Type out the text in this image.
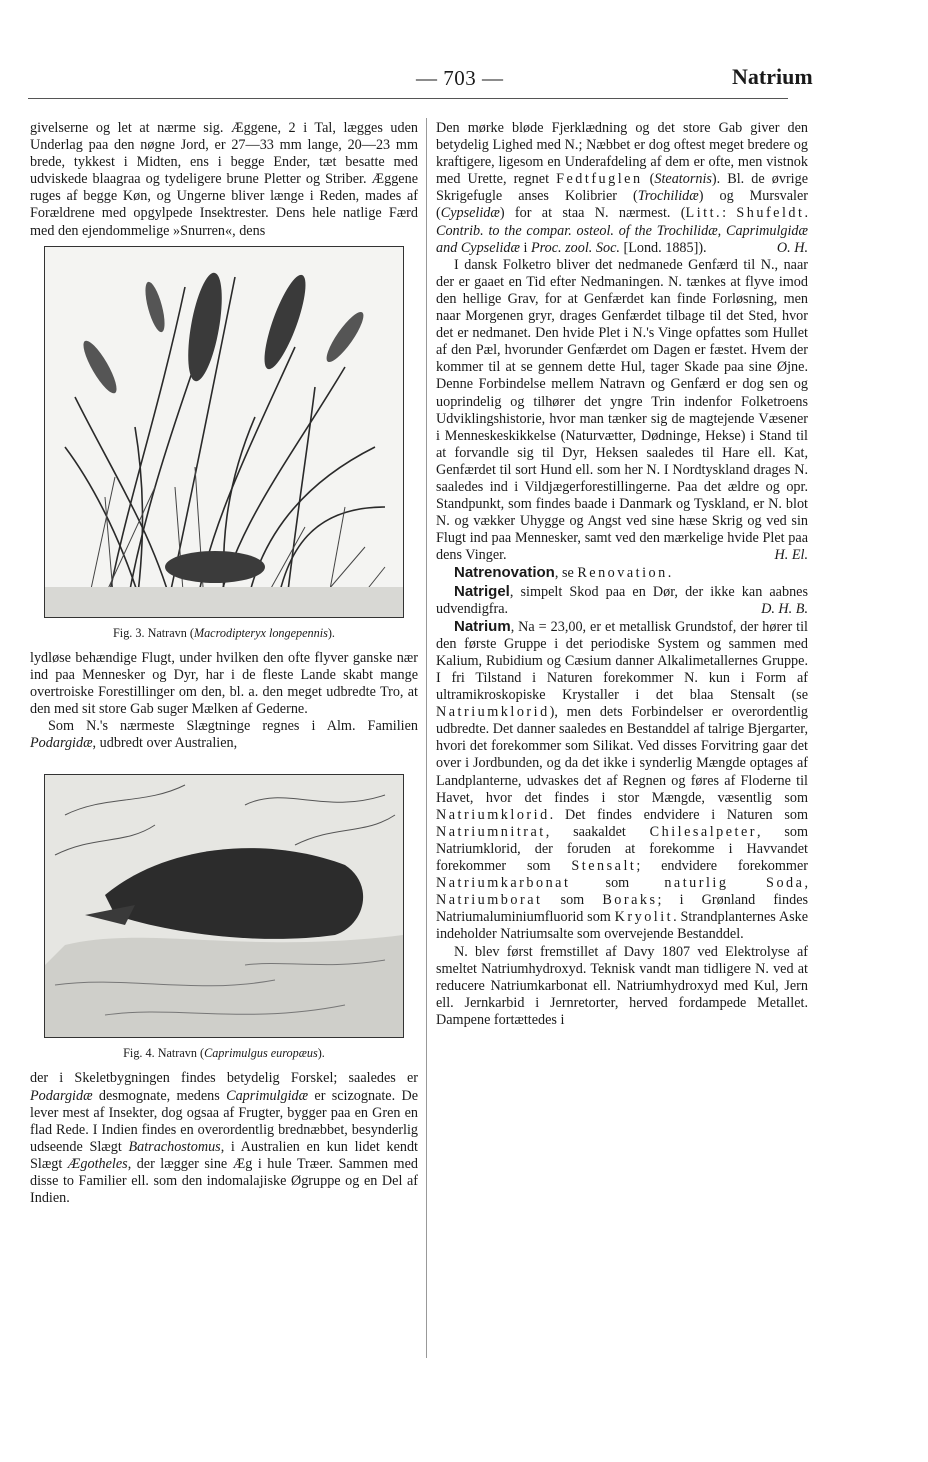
— 703 —	Natrium

givelserne og let at nærme sig. Æggene, 2 i Tal, lægges uden Underlag paa den nøgne Jord, er 27—33 mm lange, 20—23 mm brede, tykkest i Midten, ens i begge Ender, tæt besatte med udviskede blaagraa og tydeligere brune Pletter og Striber. Æggene ruges af begge Køn, og Ungerne bliver længe i Reden, mades af Forældrene med opgylpede Insektrester. Dens hele natlige Færd med den ejendommelige »Snurren«, dens

Fig. 3. Natravn (Macrodipteryx longepennis).

lydløse behændige Flugt, under hvilken den ofte flyver ganske nær ind paa Mennesker og Dyr, har i de fleste Lande skabt mange overtroiske Forestillinger om den, bl. a. den meget udbredte Tro, at den med sit store Gab suger Mælken af Gederne.

Som N.'s nærmeste Slægtninge regnes i Alm. Familien Podargidæ, udbredt over Australien,

Fig. 4. Natravn (Caprimulgus europæus).

der i Skeletbygningen findes betydelig Forskel; saaledes er Podargidæ desmognate, medens Caprimulgidæ er scizognate. De lever mest af Insekter, dog ogsaa af Frugter, bygger paa en Gren en flad Rede. I Indien findes en overordentlig brednæbbet, besynderlig udseende Slægt Batrachostomus, i Australien en kun lidet kendt Slægt Ægotheles, der lægger sine Æg i hule Træer. Sammen med disse to Familier ell. som den indomalajiske Øgruppe og en Del af Indien.

Den mørke bløde Fjerklædning og det store Gab giver den betydelig Lighed med N.; Næbbet er dog oftest meget bredere og kraftigere, ligesom en Underafdeling af dem er ofte, men vistnok med Urette, regnet Fedtfuglen (Steatornis). Bl. de øvrige Skrigefugle anses Kolibrier (Trochilidæ) og Mursvaler (Cypselidæ) for at staa N. nærmest. (Litt.: Shufeldt. Contrib. to the compar. osteol. of the Trochilidæ, Caprimulgidæ and Cypselidæ i Proc. zool. Soc. [Lond. 1885]).	O. H.

I dansk Folketro bliver det nedmanede Genfærd til N., naar der er gaaet en Tid efter Nedmaningen. N. tænkes at flyve imod den hellige Grav, for at Genfærdet kan finde Forløsning, men naar Morgenen gryr, drages Genfærdet tilbage til det Sted, hvor det er nedmanet. Den hvide Plet i N.'s Vinge opfattes som Hullet af den Pæl, hvorunder Genfærdet om Dagen er fæstet. Hvem der kommer til at se gennem dette Hul, tager Skade paa sine Øjne. Denne Forbindelse mellem Natravn og Genfærd er dog sen og uoprindelig og tilhører det yngre Trin indenfor Folketroens Udviklingshistorie, hvor man tænker sig de magtejende Væsener i Menneskeskikkelse (Naturvætter, Dødninge, Hekse) i Stand til at forvandle sig til Dyr, Heksen saaledes til Hare ell. Kat, Genfærdet til sort Hund ell. som her N. I Nordtyskland drages N. saaledes ind i Vildjægerforestillingerne. Paa det ældre og opr. Standpunkt, som findes baade i Danmark og Tyskland, er N. blot N. og vækker Uhygge og Angst ved sine hæse Skrig og ved sin Flugt ind paa Mennesker, samt ved den mærkelige hvide Plet paa dens Vinger.	H. El.

Natrenovation, se Renovation.

Natrigel, simpelt Skod paa en Dør, der ikke kan aabnes udvendigfra.	D. H. B.

Natrium, Na = 23,00, er et metallisk Grundstof, der hører til den første Gruppe i det periodiske System og sammen med Kalium, Rubidium og Cæsium danner Alkalimetallernes Gruppe. I fri Tilstand i Naturen forekommer N. kun i Form af ultramikroskopiske Krystaller i det blaa Stensalt (se Natriumklorid), men dets Forbindelser er overordentlig udbredte. Det danner saaledes en Bestanddel af talrige Bjergarter, hvori det forekommer som Silikat. Ved disses Forvitring gaar det over i Jordbunden, og da det ikke i synderlig Mængde optages af Landplanterne, udvaskes det af Regnen og føres af Floderne til Havet, hvor det findes i stor Mængde, væsentlig som Natriumklorid. Det findes endvidere i Naturen som Natriumnitrat, saakaldet Chilesalpeter, som Natriumklorid, der foruden at forekomme i Havvandet forekommer som Stensalt; endvidere forekommer Natriumkarbonat som naturlig Soda, Natriumborat som Boraks; i Grønland findes Natriumaluminiumfluorid som Kryolit. Strandplanternes Aske indeholder Natriumsalte som overvejende Bestanddel.

N. blev først fremstillet af Davy 1807 ved Elektrolyse af smeltet Natriumhydroxyd. Teknisk vandt man tidligere N. ved at reducere Natriumkarbonat ell. Natriumhydroxyd med Kul, Jern ell. Jernkarbid i Jernretorter, herved fordampede Metallet. Dampene fortættedes i
